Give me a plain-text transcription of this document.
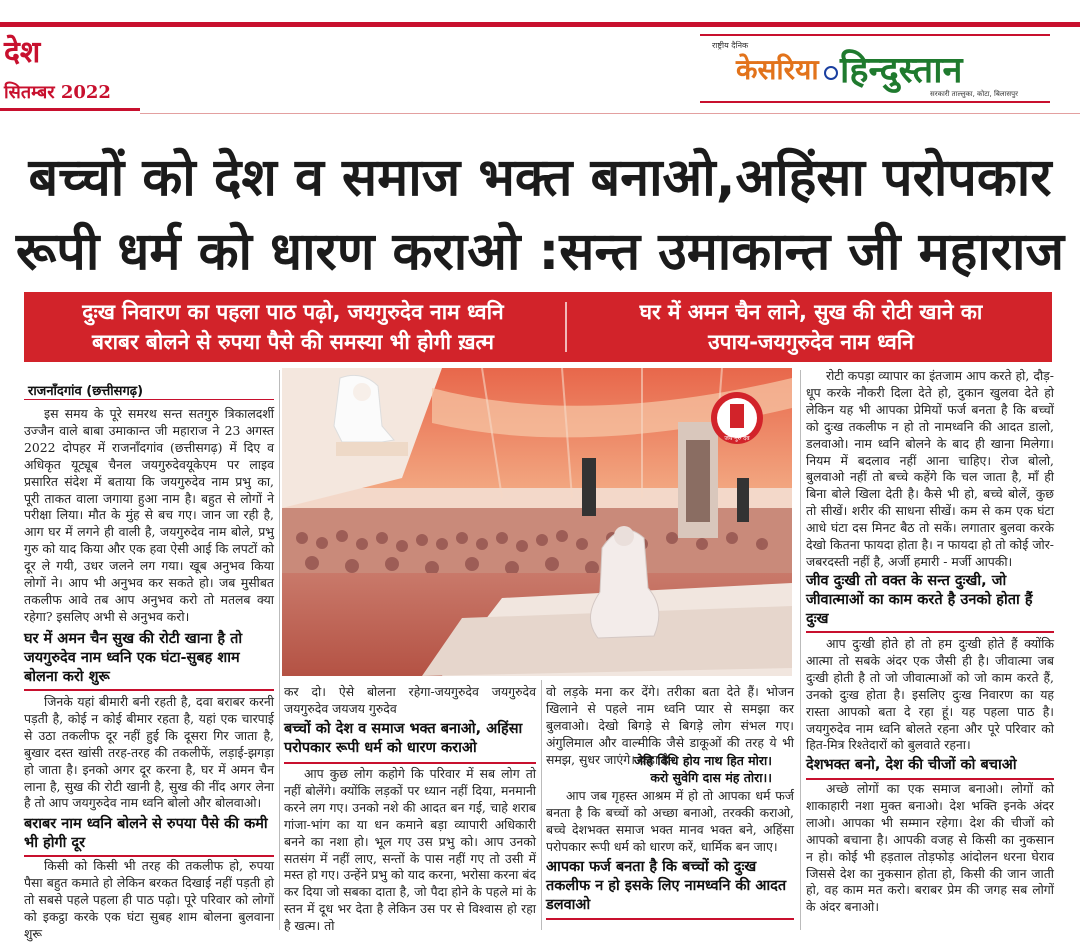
देश
सितम्बर 2022
राष्ट्रीय दैनिक
केसरिया हिन्दुस्तान
सरकारी ताल्लुका, कोटा, बिलासपुर
बच्चों को देश व समाज भक्त बनाओ,अहिंसा परोपकार
रूपी धर्म को धारण कराओ :सन्त उमाकान्त जी महाराज
दुःख निवारण का पहला पाठ पढ़ो, जयगुरुदेव नाम ध्वनि
बराबर बोलने से रुपया पैसे की समस्या भी होगी ख़त्म
घर में अमन चैन लाने, सुख की रोटी खाने का
उपाय-जयगुरुदेव नाम ध्वनि
राजनाँदगांव (छत्तीसगढ़)

इस समय के पूरे समरथ सन्त सतगुरु त्रिकालदर्शी उज्जैन वाले बाबा उमाकान्त जी महाराज ने 23 अगस्त 2022 दोपहर में राजनाँदगांव (छत्तीसगढ़) में दिए व अधिकृत यूट्यूब चैनल जयगुरुदेवयूकेएम पर लाइव प्रसारित संदेश में बताया कि जयगुरुदेव नाम प्रभु का, पूरी ताकत वाला जगाया हुआ नाम है। बहुत से लोगों ने परीक्षा लिया। मौत के मुंह से बच गए। जान जा रही है, आग घर में लगने ही वाली है, जयगुरुदेव नाम बोले, प्रभु गुरु को याद किया और एक हवा ऐसी आई कि लपटों को दूर ले गयी, उधर जलने लग गया। खूब अनुभव किया लोगों ने। आप भी अनुभव कर सकते हो। जब मुसीबत तकलीफ आवे तब आप अनुभव करो तो मतलब क्या रहेगा? इसलिए अभी से अनुभव करो।

घर में अमन चैन सुख की रोटी खाना है तो जयगुरुदेव नाम ध्वनि एक घंटा-सुबह शाम बोलना करो शुरू

जिनके यहां बीमारी बनी रहती है, दवा बराबर करनी पड़ती है, कोई न कोई बीमार रहता है, यहां एक चारपाई से उठा तकलीफ दूर नहीं हुई कि दूसरा गिर जाता है, बुखार दस्त खांसी तरह-तरह की तकलीफें, लड़ाई-झगड़ा हो जाता है। इनको अगर दूर करना है, घर में अमन चैन लाना है, सुख की रोटी खानी है, सुख की नींद अगर लेना है तो आप जयगुरुदेव नाम ध्वनि बोलो और बोलवाओ।

बराबर नाम ध्वनि बोलने से रुपया पैसे की कमी भी होगी दूर

किसी को किसी भी तरह की तकलीफ हो, रुपया पैसा बहुत कमाते हो लेकिन बरकत दिखाई नहीं पड़ती हो तो सबसे पहले पहला ही पाठ पढ़ो। पूरे परिवार को लोगों को इकट्ठा करके एक घंटा सुबह शाम बोलना बुलवाना शुरू

जय गुरु देव

कर दो। ऐसे बोलना रहेगा-जयगुरुदेव जयगुरुदेव जयगुरुदेव जयजय गुरुदेव

बच्चों को देश व समाज भक्त बनाओ, अहिंसा परोपकार रूपी धर्म को धारण कराओ

आप कुछ लोग कहोगे कि परिवार में सब लोग तो नहीं बोलेंगे। क्योंकि लड़कों पर ध्यान नहीं दिया, मनमानी करने लग गए। उनको नशे की आदत बन गई, चाहे शराब गांजा-भांग का या धन कमाने बड़ा व्यापारी अधिकारी बनने का नशा हो। भूल गए उस प्रभु को। आप उनको सतसंग में नहीं लाए, सन्तों के पास नहीं गए तो उसी में मस्त हो गए। उन्हेंने प्रभु को याद करना, भरोसा करना बंद कर दिया जो सबका दाता है, जो पैदा होने के पहले मां के स्तन में दूध भर देता है लेकिन उस पर से विश्वास हो रहा है खत्म। तो

वो लड़के मना कर देंगे। तरीका बता देते हैं। भोजन खिलाने से पहले नाम ध्वनि प्यार से समझा कर बुलवाओ। देखो बिगड़े से बिगड़े लोग संभल गए। अंगुलिमाल और वाल्मीकि जैसे डाकूओं की तरह ये भी समझ, सुधर जाएंगे। कहा है-

जेहि विधि होय नाथ हित मोरा।
करो सुवेगि दास मंह तोरा।।

आप जब गृहस्त आश्रम में हो तो आपका धर्म फर्ज बनता है कि बच्चों को अच्छा बनाओ, तरक्की कराओ, बच्चे देशभक्त समाज भक्त मानव भक्त बने, अहिंसा परोपकार रूपी धर्म को धारण करें, धार्मिक बन जाए।

आपका फर्ज बनता है कि बच्चों को दुःख तकलीफ न हो इसके लिए नामध्वनि की आदत डलवाओ

रोटी कपड़ा व्यापार का इंतजाम आप करते हो, दौड़-धूप करके नौकरी दिला देते हो, दुकान खुलवा देते हो लेकिन यह भी आपका प्रेमियों फर्ज बनता है कि बच्चों को दुःख तकलीफ न हो तो नामध्वनि की आदत डालो, डलवाओ। नाम ध्वनि बोलने के बाद ही खाना मिलेगा। नियम में बदलाव नहीं आना चाहिए। रोज बोलो, बुलवाओ नहीं तो बच्चे कहेंगे कि चल जाता है, माँ ही बिना बोले खिला देती है। कैसे भी हो, बच्चे बोलें, कुछ तो सीखें। शरीर की साधना सीखें। कम से कम एक घंटा आधे घंटा दस मिनट बैठ तो सकें। लगातार बुलवा करके देखो कितना फायदा होता है। न फायदा हो तो कोई जोर-जबरदस्ती नहीं है, अर्जी हमारी - मर्जी आपकी।

जीव दुःखी तो वक्त के सन्त दुःखी, जो जीवात्माओं का काम करते है उनको होता हैं दुःख

आप दुःखी होते हो तो हम दुःखी होते हैं क्योंकि आत्मा तो सबके अंदर एक जैसी ही है। जीवात्मा जब दुःखी होती है तो जो जीवात्माओं को जो काम करते हैं, उनको दुःख होता है। इसलिए दुःख निवारण का यह रास्ता आपको बता दे रहा हूं। यह पहला पाठ है। जयगुरुदेव नाम ध्वनि बोलते रहना और पूरे परिवार को हित-मित्र रिश्तेदारों को बुलवाते रहना।

देशभक्त बनो, देश की चीजों को बचाओ

अच्छे लोगों का एक समाज बनाओ। लोगों को शाकाहारी नशा मुक्त बनाओ। देश भक्ति इनके अंदर लाओ। आपका भी सम्मान रहेगा। देश की चीजों को आपको बचाना है। आपकी वजह से किसी का नुकसान न हो। कोई भी हड़ताल तोड़फोड़ आंदोलन धरना घेराव जिससे देश का नुकसान होता हो, किसी की जान जाती हो, वह काम मत करो। बराबर प्रेम की जगह सब लोगों के अंदर बनाओ।
